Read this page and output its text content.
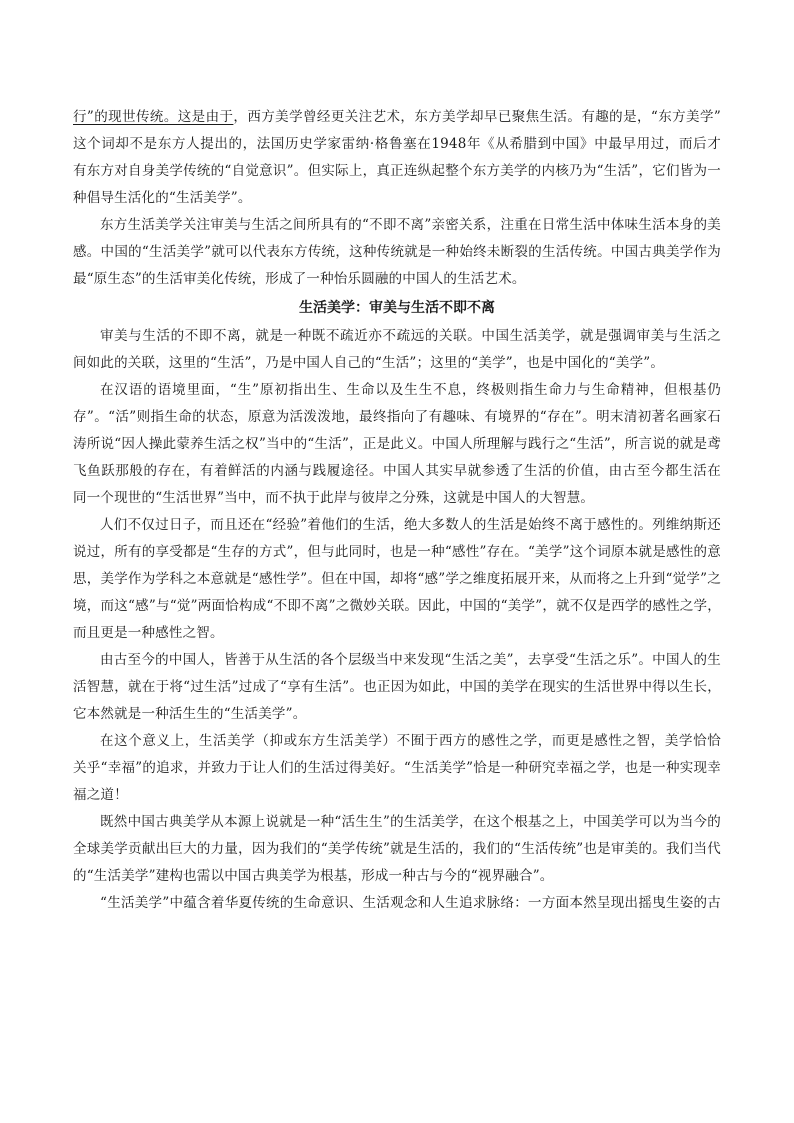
行”的现世传统。这是由于，西方美学曾经更关注艺术，东方美学却早已聚焦生活。有趣的是，“东方美学”
这个词却不是东方人提出的，法国历史学家雷纳·格鲁塞在1948年《从希腊到中国》中最早用过，而后才
有东方对自身美学传统的“自觉意识”。但实际上，真正连纵起整个东方美学的内核乃为“生活”，它们皆为一
种倡导生活化的“生活美学”。
东方生活美学关注审美与生活之间所具有的“不即不离”亲密关系，注重在日常生活中体味生活本身的美
感。中国的“生活美学”就可以代表东方传统，这种传统就是一种始终未断裂的生活传统。中国古典美学作为
最“原生态”的生活审美化传统，形成了一种怡乐圆融的中国人的生活艺术。
生活美学：审美与生活不即不离
审美与生活的不即不离，就是一种既不疏近亦不疏远的关联。中国生活美学，就是强调审美与生活之
间如此的关联，这里的“生活”，乃是中国人自己的“生活”；这里的“美学”，也是中国化的“美学”。
在汉语的语境里面，“生”原初指出生、生命以及生生不息，终极则指生命力与生命精神，但根基仍
存”。“活”则指生命的状态，原意为活泼泼地，最终指向了有趣味、有境界的“存在”。明末清初著名画家石
涛所说“因人操此蒙养生活之权”当中的“生活”，正是此义。中国人所理解与践行之“生活”，所言说的就是鸢
飞鱼跃那般的存在，有着鲜活的内涵与践履途径。中国人其实早就参透了生活的价值，由古至今都生活在
同一个现世的“生活世界”当中，而不执于此岸与彼岸之分殊，这就是中国人的大智慧。
人们不仅过日子，而且还在“经验”着他们的生活，绝大多数人的生活是始终不离于感性的。列维纳斯还
说过，所有的享受都是“生存的方式”，但与此同时，也是一种“感性”存在。“美学”这个词原本就是感性的意
思，美学作为学科之本意就是“感性学”。但在中国，却将“感”学之维度拓展开来，从而将之上升到“觉学”之
境，而这“感”与“觉”两面恰构成“不即不离”之微妙关联。因此，中国的“美学”，就不仅是西学的感性之学，
而且更是一种感性之智。
由古至今的中国人，皆善于从生活的各个层级当中来发现“生活之美”，去享受“生活之乐”。中国人的生
活智慧，就在于将“过生活”过成了“享有生活”。也正因为如此，中国的美学在现实的生活世界中得以生长，
它本然就是一种活生生的“生活美学”。
在这个意义上，生活美学（抑或东方生活美学）不囿于西方的感性之学，而更是感性之智，美学恰恰
关乎“幸福”的追求，并致力于让人们的生活过得美好。“生活美学”恰是一种研究幸福之学，也是一种实现幸
福之道！
既然中国古典美学从本源上说就是一种“活生生”的生活美学，在这个根基之上，中国美学可以为当今的
全球美学贡献出巨大的力量，因为我们的“美学传统”就是生活的，我们的“生活传统”也是审美的。我们当代
的“生活美学”建构也需以中国古典美学为根基，形成一种古与今的“视界融合”。
“生活美学”中蕴含着华夏传统的生命意识、生活观念和人生追求脉络：一方面本然呈现出摇曳生姿的古
